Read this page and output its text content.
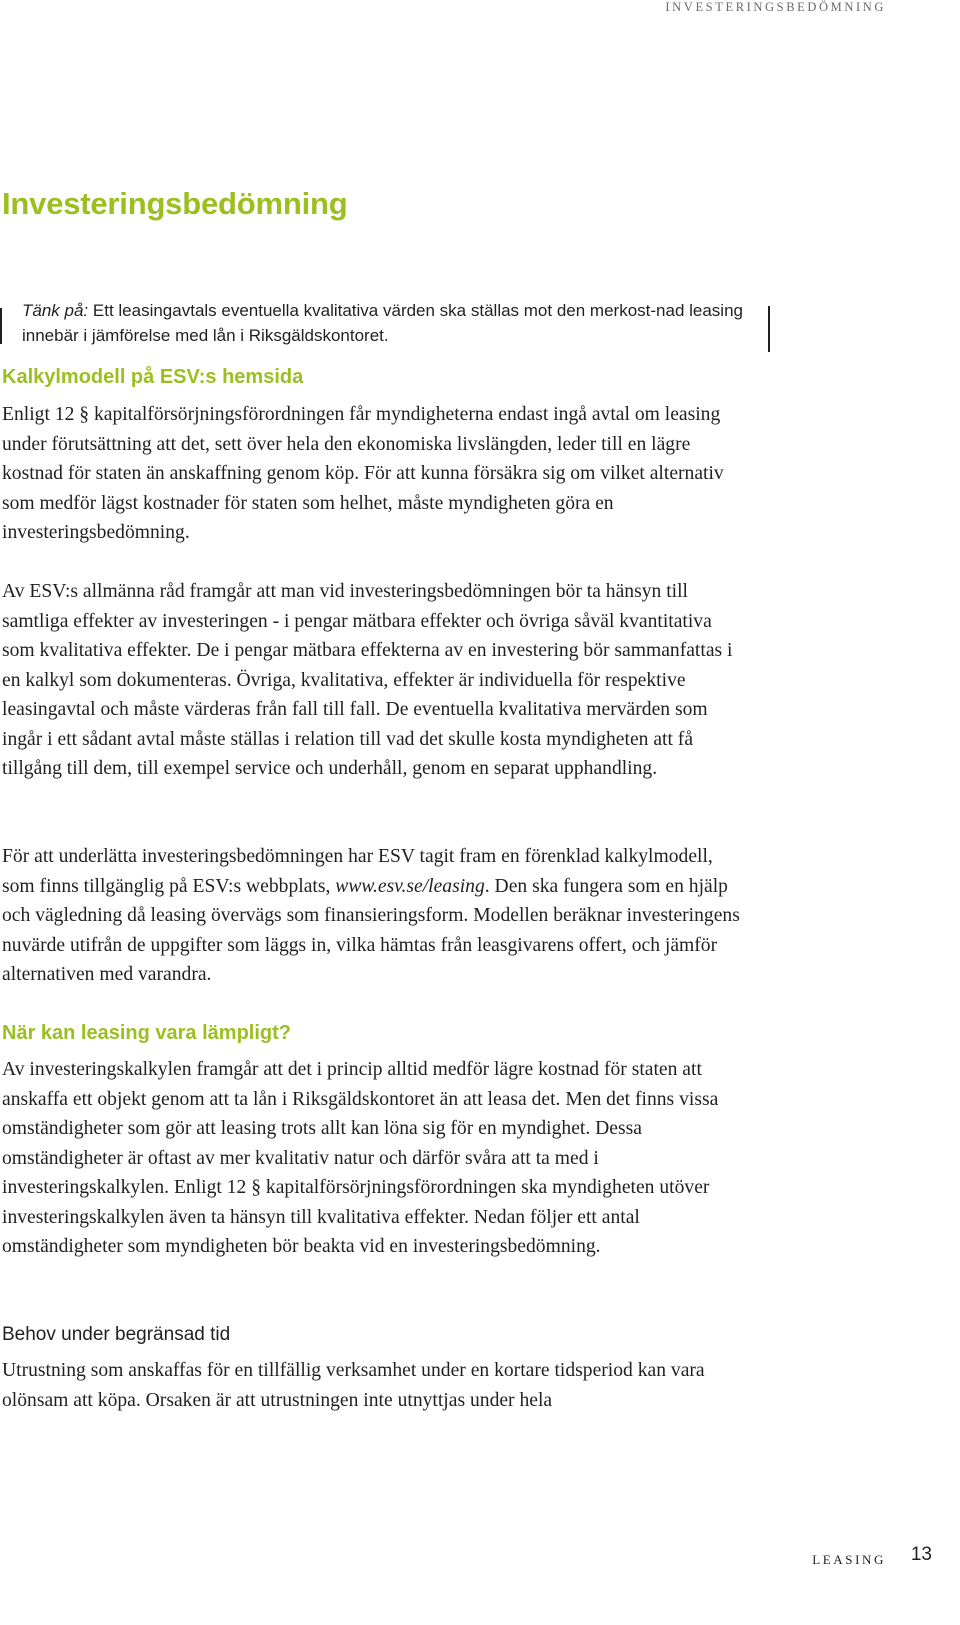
INVESTERINGSBEDÖMNING
Investeringsbedömning
Tänk på: Ett leasingavtals eventuella kvalitativa värden ska ställas mot den merkost-nad leasing innebär i jämförelse med lån i Riksgäldskontoret.
Kalkylmodell på ESV:s hemsida

Enligt 12 § kapitalförsörjningsförordningen får myndigheterna endast ingå avtal om leasing under förutsättning att det, sett över hela den ekonomiska livslängden, leder till en lägre kostnad för staten än anskaffning genom köp. För att kunna försäkra sig om vilket alternativ som medför lägst kostnader för staten som helhet, måste myndigheten göra en investeringsbedömning.

Av ESV:s allmänna råd framgår att man vid investeringsbedömningen bör ta hänsyn till samtliga effekter av investeringen - i pengar mätbara effekter och övriga såväl kvantitativa som kvalitativa effekter. De i pengar mätbara effekterna av en investering bör sammanfattas i en kalkyl som dokumenteras. Övriga, kvalitativa, effekter är individuella för respektive leasingavtal och måste värderas från fall till fall. De eventuella kvalitativa mervärden som ingår i ett sådant avtal måste ställas i relation till vad det skulle kosta myndigheten att få tillgång till dem, till exempel service och underhåll, genom en separat upphandling.

För att underlätta investeringsbedömningen har ESV tagit fram en förenklad kalkylmodell, som finns tillgänglig på ESV:s webbplats, www.esv.se/leasing. Den ska fungera som en hjälp och vägledning då leasing övervägs som finansieringsform. Modellen beräknar investeringens nuvärde utifrån de uppgifter som läggs in, vilka hämtas från leasgivarens offert, och jämför alternativen med varandra.

När kan leasing vara lämpligt?

Av investeringskalkylen framgår att det i princip alltid medför lägre kostnad för staten att anskaffa ett objekt genom att ta lån i Riksgäldskontoret än att leasa det. Men det finns vissa omständigheter som gör att leasing trots allt kan löna sig för en myndighet. Dessa omständigheter är oftast av mer kvalitativ natur och därför svåra att ta med i investeringskalkylen. Enligt 12 § kapitalförsörjningsförordningen ska myndigheten utöver investeringskalkylen även ta hänsyn till kvalitativa effekter. Nedan följer ett antal omständigheter som myndigheten bör beakta vid en investeringsbedömning.

Behov under begränsad tid

Utrustning som anskaffas för en tillfällig verksamhet under en kortare tidsperiod kan vara olönsam att köpa. Orsaken är att utrustningen inte utnyttjas under hela

LEASING 13
